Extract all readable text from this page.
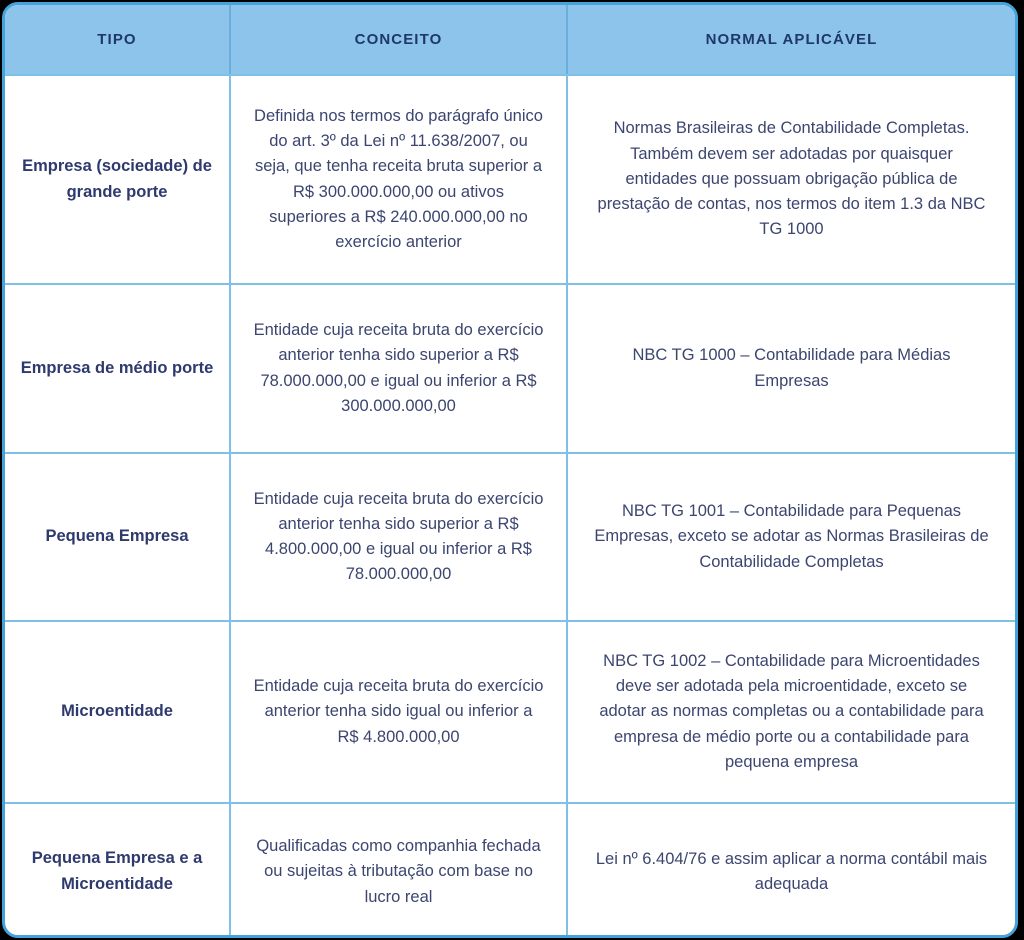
TIPO	CONCEITO	NORMAL APLICÁVEL
Empresa (sociedade) de grande porte
Definida nos termos do parágrafo único do art. 3º da Lei nº 11.638/2007, ou seja, que tenha receita bruta superior a R$ 300.000.000,00 ou ativos superiores a R$ 240.000.000,00 no exercício anterior
Normas Brasileiras de Contabilidade Completas. Também devem ser adotadas por quaisquer entidades que possuam obrigação pública de prestação de contas, nos termos do item 1.3 da NBC TG 1000
Empresa de médio porte
Entidade cuja receita bruta do exercício anterior tenha sido superior a R$ 78.000.000,00 e igual ou inferior a R$ 300.000.000,00
NBC TG 1000 – Contabilidade para Médias Empresas
Pequena Empresa
Entidade cuja receita bruta do exercício anterior tenha sido superior a R$ 4.800.000,00 e igual ou inferior a R$ 78.000.000,00
NBC TG 1001 – Contabilidade para Pequenas Empresas, exceto se adotar as Normas Brasileiras de Contabilidade Completas
Microentidade
Entidade cuja receita bruta do exercício anterior tenha sido igual ou inferior a R$ 4.800.000,00
NBC TG 1002 – Contabilidade para Microentidades deve ser adotada pela microentidade, exceto se adotar as normas completas ou a contabilidade para empresa de médio porte ou a contabilidade para pequena empresa
Pequena Empresa e a Microentidade
Qualificadas como companhia fechada ou sujeitas à tributação com base no lucro real
Lei nº 6.404/76 e assim aplicar a norma contábil mais adequada
